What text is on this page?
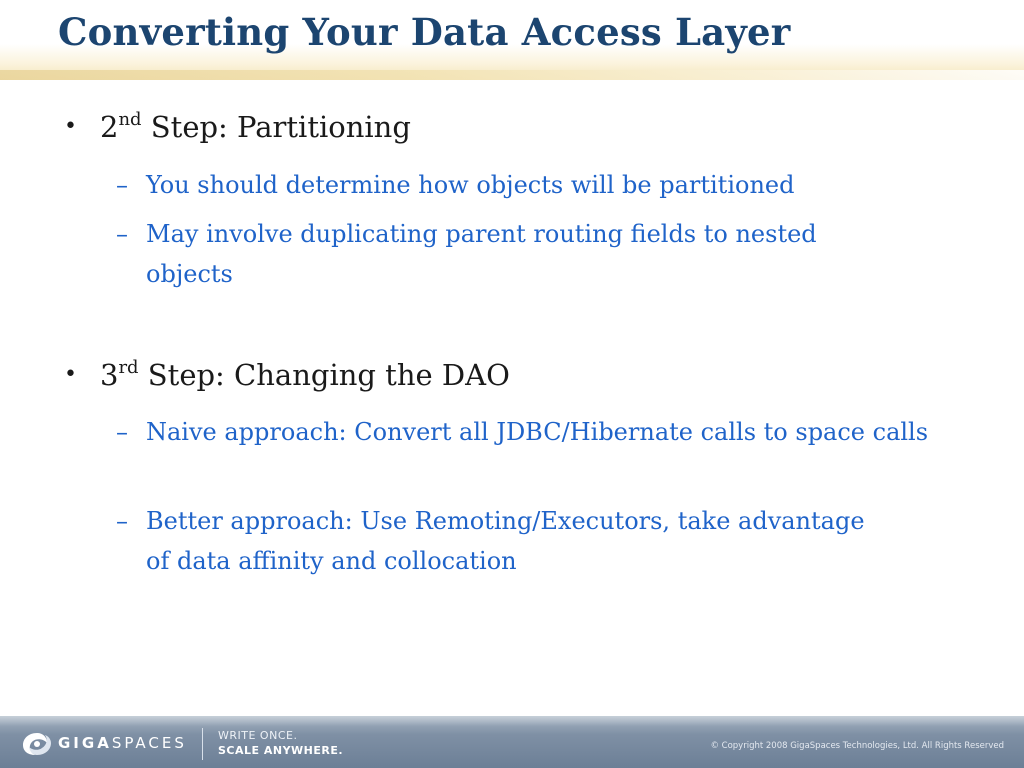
Converting Your Data Access Layer
• 2nd Step: Partitioning
– You should determine how objects will be partitioned
– May involve duplicating parent routing fields to nested objects
• 3rd Step: Changing the DAO
– Naive approach: Convert all JDBC/Hibernate calls to space calls
– Better approach: Use Remoting/Executors, take advantage of data affinity and collocation
GIGASPACES	WRITE ONCE.
SCALE ANYWHERE.	© Copyright 2008 GigaSpaces Technologies, Ltd. All Rights Reserved
